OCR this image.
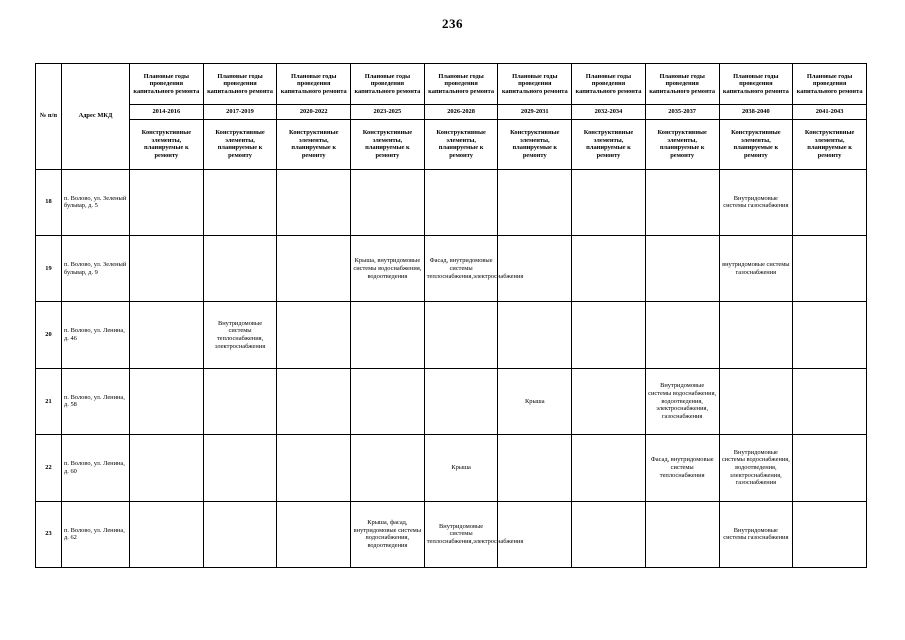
236
№ п/п	Адрес МКД	Плановые годы проведения капитального ремонта	Плановые годы проведения капитального ремонта	Плановые годы проведения капитального ремонта	Плановые годы проведения капитального ремонта	Плановые годы проведения капитального ремонта	Плановые годы проведения капитального ремонта	Плановые годы проведения капитального ремонта	Плановые годы проведения капитального ремонта	Плановые годы проведения капитального ремонта	Плановые годы проведения капитального ремонта
		2014-2016	2017-2019	2020-2022	2023-2025	2026-2028	2029-2031	2032-2034	2035-2037	2038-2040	2041-2043
		Конструктивные элементы, планируемые к ремонту	Конструктивные элементы, планируемые к ремонту	Конструктивные элементы, планируемые к ремонту	Конструктивные элементы, планируемые к ремонту	Конструктивные элементы, планируемые к ремонту	Конструктивные элементы, планируемые к ремонту	Конструктивные элементы, планируемые к ремонту	Конструктивные элементы, планируемые к ремонту	Конструктивные элементы, планируемые к ремонту	Конструктивные элементы, планируемые к ремонту
18	п. Волово, ул. Зеленый бульвар, д. 5									Внутридомовые системы газоснабжения	
19	п. Волово, ул. Зеленый бульвар, д. 9				Крыша, внутридомовые системы водоснабжения, водоотведения	Фасад, внутридомовые системы теплоснабжения,электроснабжения				внутридомовые системы газоснабжения	
20	п. Волово, ул. Ленина, д. 46		Внутридомовые системы теплоснабжения, электроснабжения								
21	п. Волово, ул. Ленина, д. 58						Крыша		Внутридомовые системы водоснабжения, водоотведения, электроснабжения, газоснабжения		
22	п. Волово, ул. Ленина, д. 60					Крыша			Фасад, внутридомовые системы теплоснабжения	Внутридомовые системы водоснабжения, водоотведения, электроснабжения, газоснабжения	
23	п. Волово, ул. Ленина, д. 62				Крыша, фасад, внутридомовые системы водоснабжения, водоотведения	Внутридомовые системы теплоснабжения,электроснабжения				Внутридомовые системы газоснабжения	
